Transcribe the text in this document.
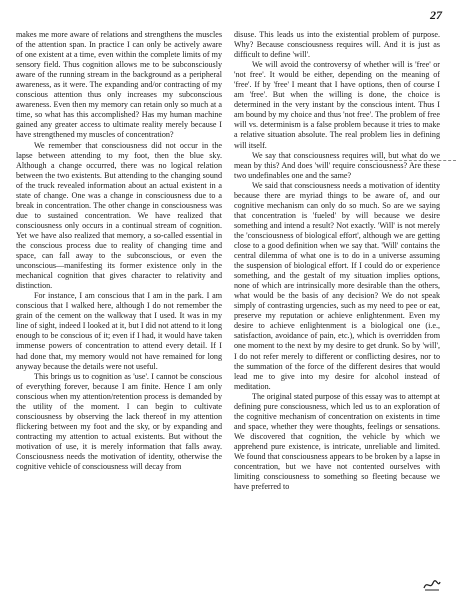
27

makes me more aware of relations and strengthens the muscles of the attention span. In practice I can only be actively aware of one existent at a time, even within the complete limits of my sensory field. Thus cognition allows me to be subconsciously aware of the running stream in the background as a peripheral awareness, as it were. The expanding and/or contracting of my conscious attention thus only increases my subconscious awareness. Even then my memory can retain only so much at a time, so what has this accomplished? Has my human machine gained any greater access to ultimate reality merely because I have strengthened my muscles of concentration?

We remember that consciousness did not occur in the lapse between attending to my foot, then the blue sky. Although a change occurred, there was no logical relation between the two existents. But attending to the changing sound of the truck revealed information about an actual existent in a state of change. One was a change in consciousness due to a break in concentration. The other change in consciousness was due to sustained concentration. We have realized that consciousness only occurs in a continual stream of cognition. Yet we have also realized that memory, a so-called essential in the conscious process due to reality of changing time and space, can fall away to the subconscious, or even the unconscious—manifesting its former existence only in the mechanical cognition that gives character to relativity and distinction.

For instance, I am conscious that I am in the park. I am conscious that I walked here, although I do not remember the grain of the cement on the walkway that I used. It was in my line of sight, indeed I looked at it, but I did not attend to it long enough to be conscious of it; even if I had, it would have taken immense powers of concentration to attend every detail. If I had done that, my memory would not have remained for long anyway because the details were not useful.

This brings us to cognition as 'use'. I cannot be conscious of everything forever, because I am finite. Hence I am only conscious when my attention/retention process is demanded by the utility of the moment. I can begin to cultivate consciousness by observing the lack thereof in my attention flickering between my foot and the sky, or by expanding and contracting my attention to actual existents. But without the motivation of use, it is merely information that falls away. Consciousness needs the motivation of identity, otherwise the cognitive vehicle of consciousness will decay from

disuse. This leads us into the existential problem of purpose. Why? Because consciousness requires will. And it is just as difficult to define 'will'.

We will avoid the controversy of whether will is 'free' or 'not free'. It would be either, depending on the meaning of 'free'. If by 'free' I meant that I have options, then of course I am 'free'. But when the willing is done, the choice is determined in the very instant by the conscious intent. Thus I am bound by my choice and thus 'not free'. The problem of free will vs. determinism is a false problem because it tries to make a relative situation absolute. The real problem lies in defining will itself.

We say that consciousness requires will, but what do we mean by this? And does 'will' require consciousness? Are these two undefinables one and the same?

We said that consciousness needs a motivation of identity because there are myriad things to be aware of, and our cognitive mechanism can only do so much. So are we saying that concentration is 'fueled' by will because we desire something and intend a result? Not exactly. 'Will' is not merely the 'consciousness of biological effort', although we are getting close to a good definition when we say that. 'Will' contains the central dilemma of what one is to do in a universe assuming the suspension of biological effort. If I could do or experience something, and the gestalt of my situation implies options, none of which are intrinsically more desirable than the others, what would be the basis of any decision? We do not speak simply of contrasting urgencies, such as my need to pee or eat, preserve my reputation or achieve enlightenment. Even my desire to achieve enlightenment is a biological one (i.e., satisfaction, avoidance of pain, etc.), which is overridden from one moment to the next by my desire to get drunk. So by 'will', I do not refer merely to different or conflicting desires, nor to the summation of the force of the different desires that would lead me to give into my desire for alcohol instead of meditation.

The original stated purpose of this essay was to attempt at defining pure consciousness, which led us to an exploration of the cognitive mechanism of concentration on existents in time and space, whether they were thoughts, feelings or sensations. We discovered that cognition, the vehicle by which we apprehend pure existence, is intricate, unreliable and limited. We found that consciousness appears to be broken by a lapse in concentration, but we have not contented ourselves with limiting consciousness to something so fleeting because we have preferred to
